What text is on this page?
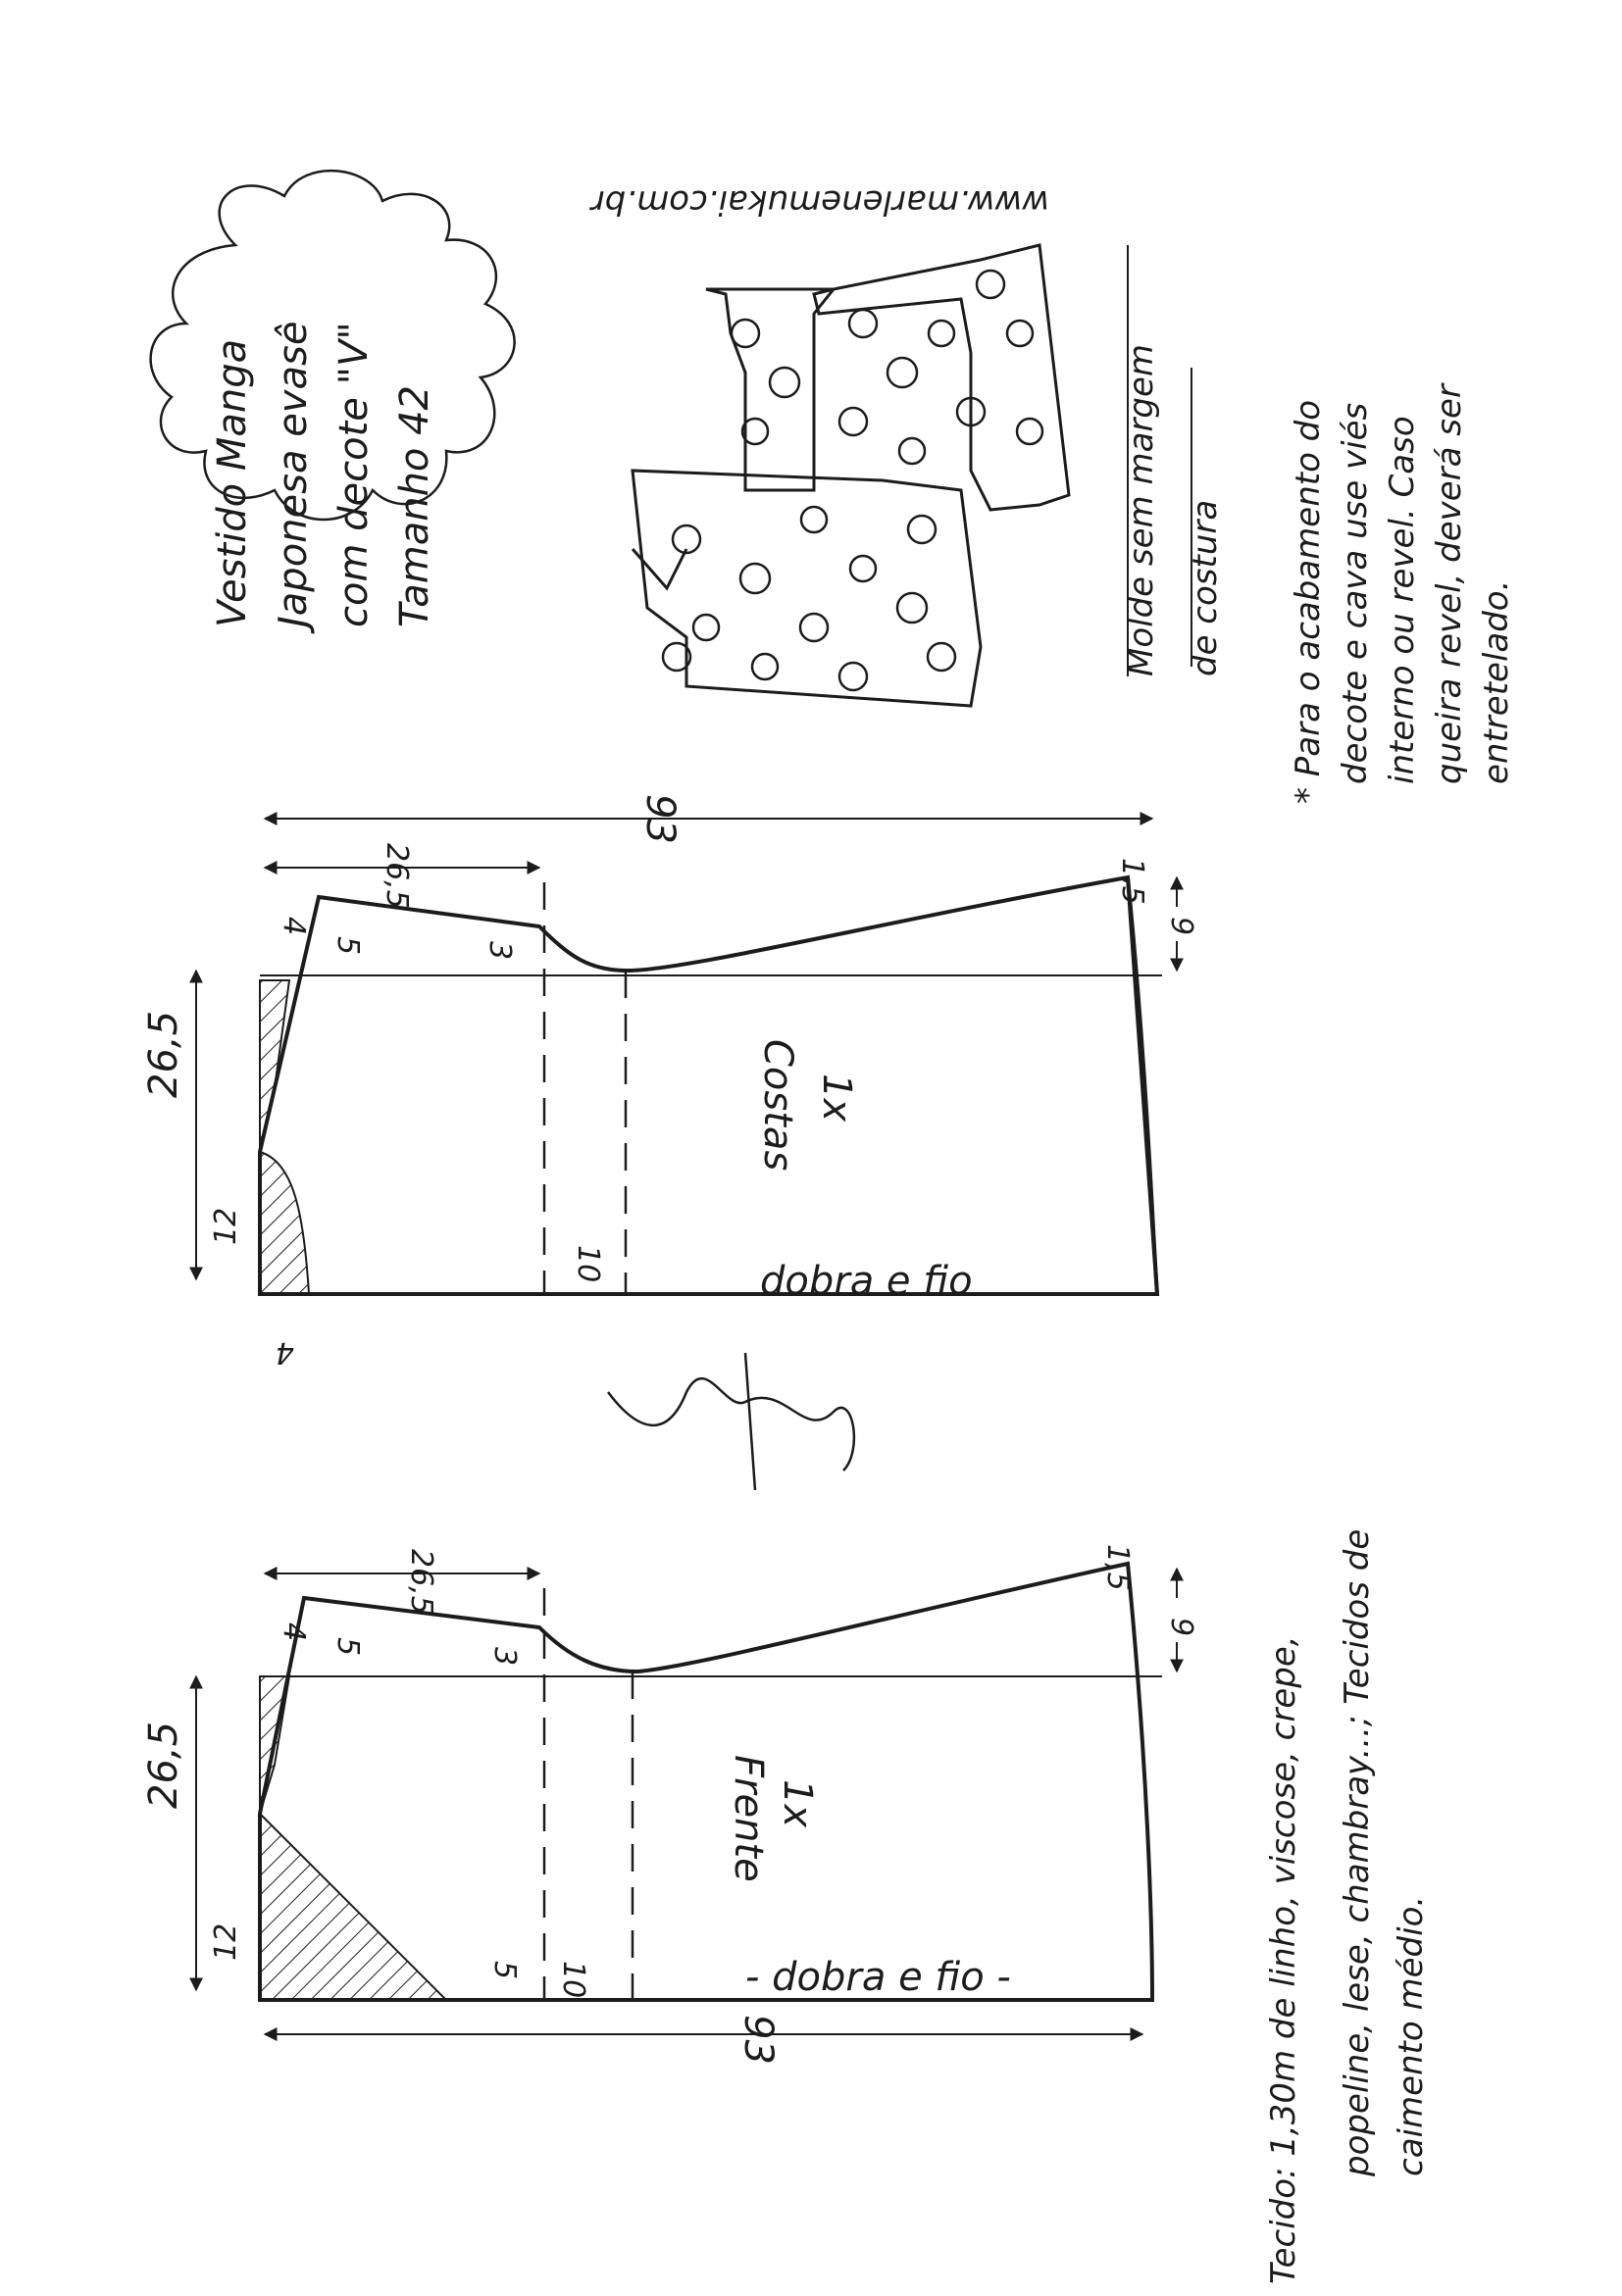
Vestido Manga Japonesa evasê com decote "V" Tamanho 42
www.marlenemukai.com.br
Molde sem margem de costura * Para o acabamento do decote e cava use viés interno ou revel. Caso queira revel, deverá ser entretelado.
93
26,5
4
5	3
1,5
9
26,5
12
4
10
Costas 1x
dobra e fio
26,5
4
5
3
1,5
9
26,5
12
5 10
93
Frente 1x
- dobra e fio -	Tecido: 1,30m de linho, viscose, crepe, popeline, lese, chambray...; Tecidos de caimento médio.
